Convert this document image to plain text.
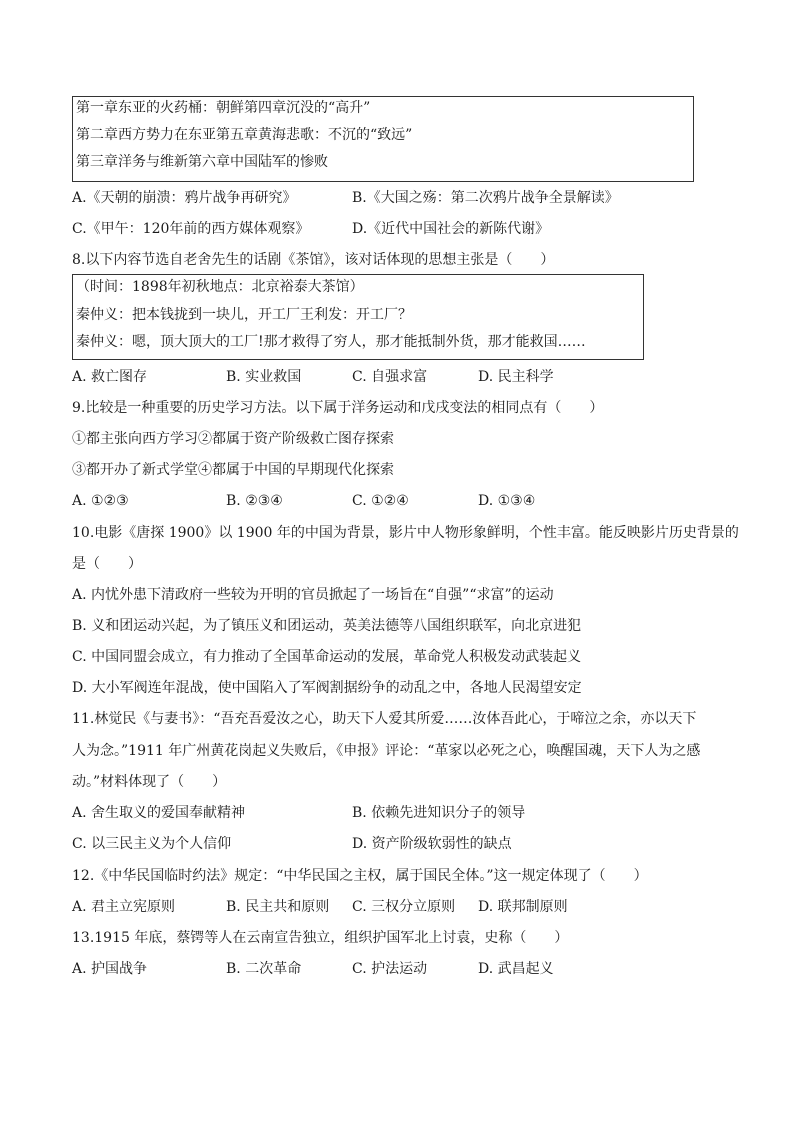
第一章东亚的火药桶：朝鲜第四章沉没的“高升”
第二章西方势力在东亚第五章黄海悲歌：不沉的“致远”
第三章洋务与维新第六章中国陆军的惨败
A.《天朝的崩溃：鸦片战争再研究》	B.《大国之殇：第二次鸦片战争全景解读》
C.《甲午：120年前的西方媒体观察》	D.《近代中国社会的新陈代谢》
8.以下内容节选自老舍先生的话剧《茶馆》，该对话体现的思想主张是（　　）
（时间：1898年初秋地点：北京裕泰大茶馆）
秦仲义：把本钱拢到一块儿，开工厂王利发：开工厂？
秦仲义：嗯，顶大顶大的工厂!那才救得了穷人，那才能抵制外货，那才能救国……
A. 救亡图存	B. 实业救国	C. 自强求富	D. 民主科学
9.比较是一种重要的历史学习方法。以下属于洋务运动和戊戌变法的相同点有（　　）
①都主张向西方学习②都属于资产阶级救亡图存探索
③都开办了新式学堂④都属于中国的早期现代化探索
A. ①②③	B. ②③④	C. ①②④	D. ①③④
10.电影《唐探 1900》以 1900 年的中国为背景，影片中人物形象鲜明，个性丰富。能反映影片历史背景的
是（　　）
A. 内忧外患下清政府一些较为开明的官员掀起了一场旨在“自强”“求富”的运动
B. 义和团运动兴起，为了镇压义和团运动，英美法德等八国组织联军，向北京进犯
C. 中国同盟会成立，有力推动了全国革命运动的发展，革命党人积极发动武装起义
D. 大小军阀连年混战，使中国陷入了军阀割据纷争的动乱之中，各地人民渴望安定
11.林觉民《与妻书》：“吾充吾爱汝之心，助天下人爱其所爱……汝体吾此心，于啼泣之余，亦以天下
人为念。”1911 年广州黄花岗起义失败后，《申报》评论：“革家以必死之心，唤醒国魂，天下人为之感
动。”材料体现了（　　）
A. 舍生取义的爱国奉献精神	B. 依赖先进知识分子的领导
C. 以三民主义为个人信仰	D. 资产阶级软弱性的缺点
12.《中华民国临时约法》规定：“中华民国之主权，属于国民全体。”这一规定体现了（　　）
A. 君主立宪原则	B. 民主共和原则 C. 三权分立原则 D. 联邦制原则
13.1915 年底，蔡锷等人在云南宣告独立，组织护国军北上讨袁，史称（　　）
A. 护国战争	B. 二次革命	C. 护法运动	D. 武昌起义
